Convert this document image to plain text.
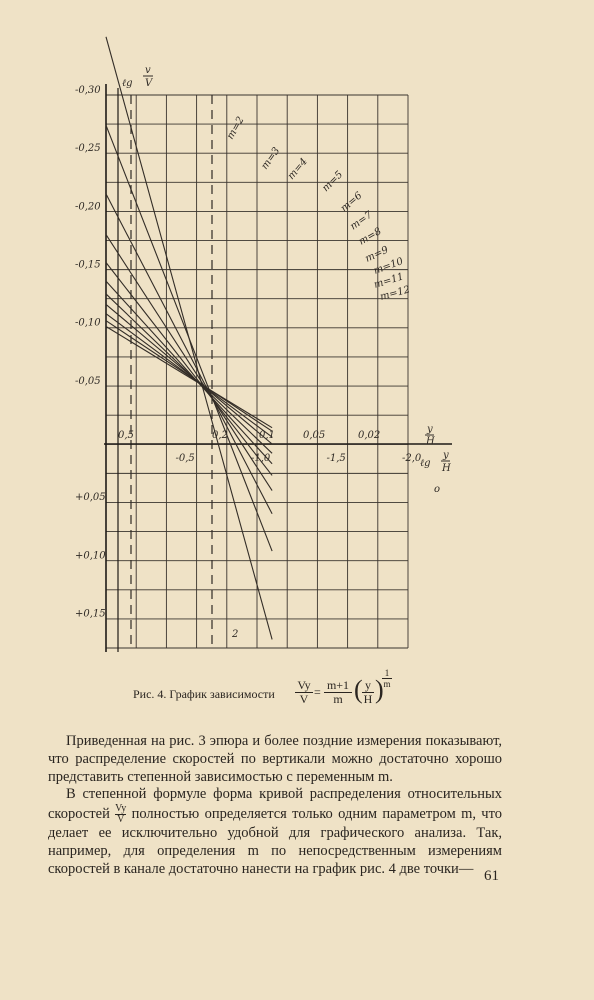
-0,30
-0,25
-0,20
-0,15
-0,10
-0,05
+0,05
+0,10
+0,15
0,5	0,2	0,1	0,05	0,02
-0,5	-1,0	-1,5	-2,0
m=2
m=3 m=4 m=5
m=6
m=7
m=8
m=9
m=10
m=11
m=12
ℓg
v
V
y
H
ℓg
y
H
o
2
Рис. 4. График зависимости $\frac{Vy}{V} = \frac{m+1}{m}$ ( $\frac{y}{H}$ )
$\frac{1}{m}$

Приведенная на рис. 3 эпюра и более поздние измерения показывают, что распределение скоростей по вертикали можно достаточно хорошо представить степенной зависимостью с переменным m.

В степенной формуле форма кривой распределения относительных скоростей $\frac{Vy}{V}$ полностью определяется только одним параметром m, что делает ее исключительно удобной для графического анализа. Так, например, для определения m по непосредственным измерениям скоростей в канале достаточно нанести на график рис. 4 две точки— 61
